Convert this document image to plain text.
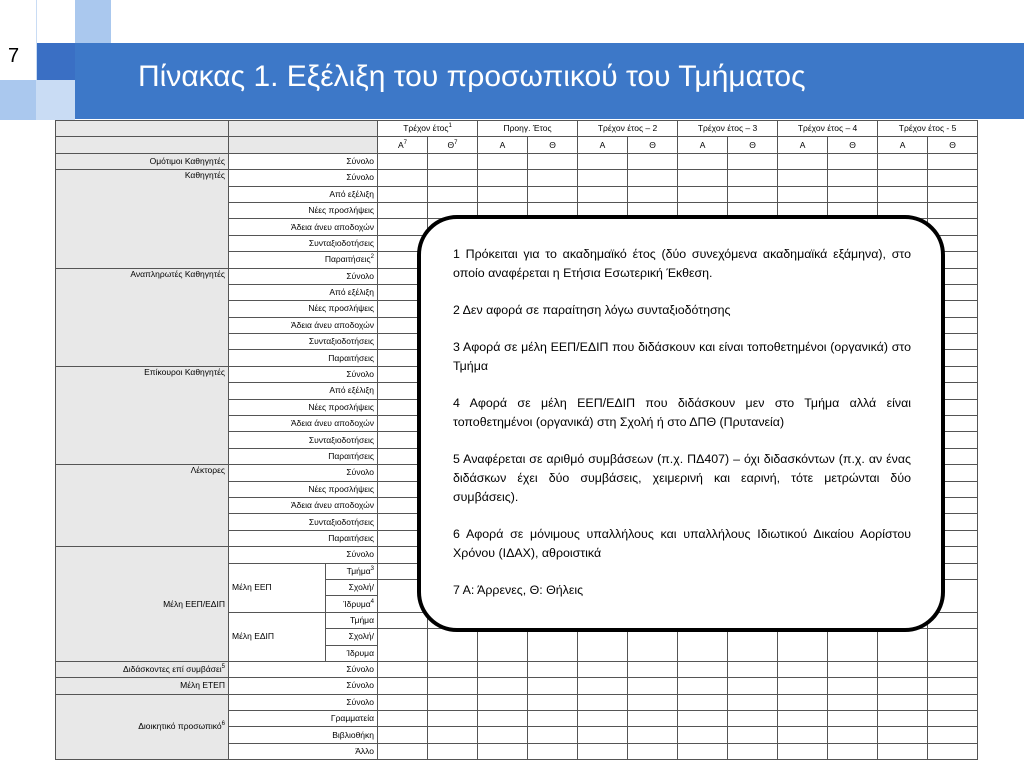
7
Πίνακας 1. Εξέλιξη του προσωπικού του Τμήματος
			Τρέχον έτος$^1$		Προηγ. Έτος		Τρέχον έτος – 2		Τρέχον έτος – 3		Τρέχον έτος – 4		Τρέχον έτος - 5	
			$A^7$	$\Theta^7$	Α	Θ	Α	Θ	Α	Θ	Α	Θ	Α	Θ
Ομότιμοι Καθηγητές	Σύνολο													
Καθηγητές	Σύνολο													
	Από εξέλιξη													
	Νέες προσλήψεις													
	Άδεια άνευ αποδοχών													
	Συνταξιοδοτήσεις													
	Παραιτήσεις$^2$												
Αναπληρωτές Καθηγητές	Σύνολο													
	Από εξέλιξη													
	Νέες προσλήψεις													
	Άδεια άνευ αποδοχών													
	Συνταξιοδοτήσεις													
	Παραιτήσεις													
Επίκουροι Καθηγητές	Σύνολο													
	Από εξέλιξη													
	Νέες προσλήψεις													
	Άδεια άνευ αποδοχών													
	Συνταξιοδοτήσεις													
	Παραιτήσεις													
Λέκτορες	Σύνολο													
	Νέες προσλήψεις													
	Άδεια άνευ αποδοχών													
	Συνταξιοδοτήσεις													
	Παραιτήσεις													
Μέλη ΕΕΠ/ΕΔΙΠ	Σύνολο													
	Μέλη ΕΕΠ	Τμήμα$^3$												
		Σχολή/												
		Ίδρυμα$^4$
	Μέλη ΕΔΙΠ	Τμήμα												
		Σχολή/												
		Ίδρυμα												
Διδάσκοντες επί συμβάσει$^5$	Σύνολο													
Μέλη ΕΤΕΠ	Σύνολο													
Διοικητικό προσωπικό$^6$	Σύνολο													
	Γραμματεία													
	Βιβλιοθήκη													
	Άλλο													

1 Πρόκειται για το ακαδημαϊκό έτος (δύο συνεχόμενα ακαδημαϊκά εξάμηνα), στο οποίο αναφέρεται η Ετήσια Εσωτερική Έκθεση.

2 Δεν αφορά σε παραίτηση λόγω συνταξιοδότησης

3 Αφορά σε μέλη ΕΕΠ/ΕΔΙΠ που διδάσκουν και είναι τοποθετημένοι (οργανικά) στο Τμήμα

4 Αφορά σε μέλη ΕΕΠ/ΕΔΙΠ που διδάσκουν μεν στο Τμήμα αλλά είναι τοποθετημένοι (οργανικά) στη Σχολή ή στο ΔΠΘ (Πρυτανεία)

5 Αναφέρεται σε αριθμό συμβάσεων (π.χ. ΠΔ407) – όχι διδασκόντων (π.χ. αν ένας διδάσκων έχει δύο συμβάσεις, χειμερινή και εαρινή, τότε μετρώνται δύο συμβάσεις).

6 Αφορά σε μόνιμους υπαλλήλους και υπαλλήλους Ιδιωτικού Δικαίου Αορίστου Χρόνου (ΙΔΑΧ), αθροιστικά

7 Α: Άρρενες, Θ: Θήλεις
